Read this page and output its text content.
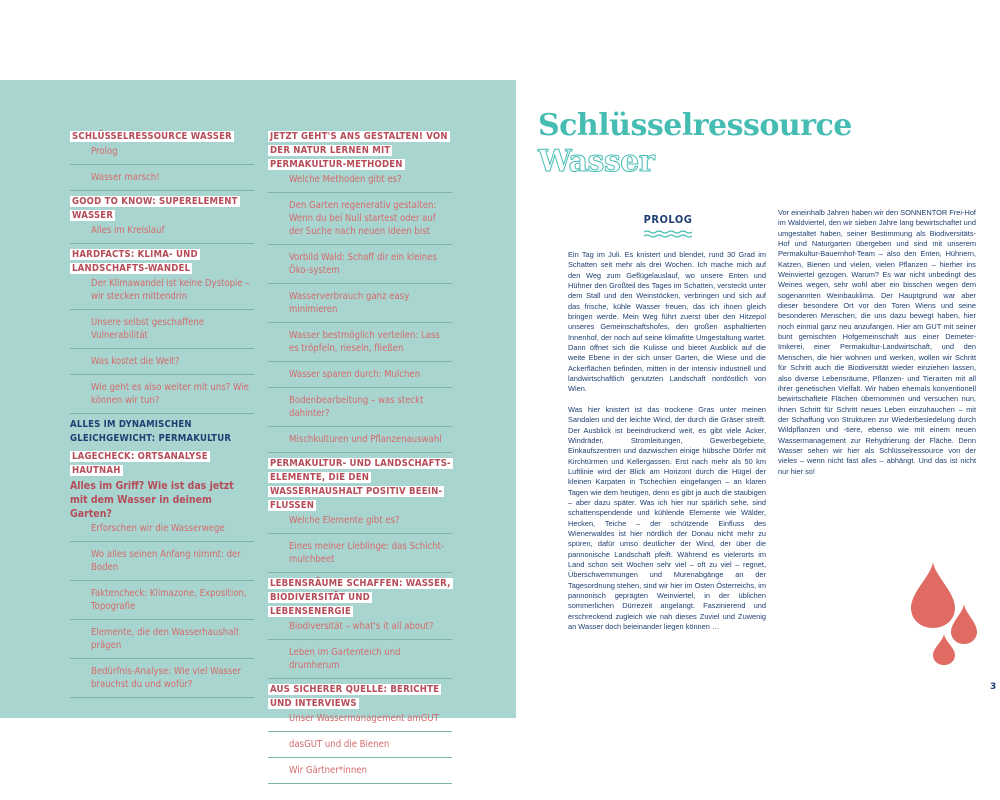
SCHLÜSSELRESSOURCE WASSER
Prolog
Wasser marsch!
GOOD TO KNOW: SUPERELEMENT WASSER
Alles im Kreislauf
HARDFACTS: KLIMA- UND LANDSCHAFTS-WANDEL
Der Klimawandel ist keine Dystopie – wir stecken mittendrin
Unsere selbst geschaffene Vulnerabilität
Was kostet die Welt?
Wie geht es also weiter mit uns? Wie können wir tun?
ALLES IM DYNAMISCHEN GLEICHGEWICHT: PERMAKULTUR
LAGECHECK: ORTSANALYSE HAUTNAH
Alles im Griff? Wie ist das jetzt mit dem Wasser in deinem Garten?
Erforschen wir die Wasserwege
Wo alles seinen Anfang nimmt: der Boden
Faktencheck: Klimazone, Exposition, Topografie
Elemente, die den Wasserhaushalt prägen
Bedürfnis-Analyse: Wie viel Wasser brauchst du und wofür?
JETZT GEHT'S ANS GESTALTEN! VON DER NATUR LERNEN MIT PERMAKULTUR-METHODEN
Welche Methoden gibt es?
Den Garten regenerativ gestalten: Wenn du bei Null startest oder auf der Suche nach neuen Ideen bist
Vorbild Wald: Schaff dir ein kleines Öko-system
Wasserverbrauch ganz easy minimieren
Wasser bestmöglich verteilen: Lass es tröpfeln, rieseln, fließen
Wasser sparen durch: Mulchen
Bodenbearbeitung – was steckt dahinter?
Mischkulturen und Pflanzenauswahl
PERMAKULTUR- UND LANDSCHAFTS-ELEMENTE, DIE DEN WASSERHAUSHALT POSITIV BEEIN-FLUSSEN
Welche Elemente gibt es?
Eines meiner Lieblinge: das Schicht-mulchbeet
LEBENSRÄUME SCHAFFEN: WASSER, BIODIVERSITÄT UND LEBENSENERGIE
Biodiversität – what's it all about?
Leben im Gartenteich und drumherum
AUS SICHERER QUELLE: BERICHTE UND INTERVIEWS
Unser Wassermanagement amGUT
dasGUT und die Bienen
Wir Gärtner*innen
Schlüsselressource
Wasser
PROLOG

Ein Tag im Juli. Es knistert und blendet, rund 30 Grad im Schatten seit mehr als drei Wochen. Ich mache mich auf den Weg zum Geflügelauslauf, wo unsere Enten und Hühner den Großteil des Tages im Schatten, versteckt unter dem Stall und den Weinstöcken, verbringen und sich auf das frische, kühle Wasser freuen, das ich ihnen gleich bringen werde. Mein Weg führt zuerst über den Hitzepol unseres Gemeinschaftshofes, den großen asphaltierten Innenhof, der noch auf seine klimafitte Umgestaltung wartet. Dann öffnet sich die Kulisse und bietet Ausblick auf die weite Ebene in der sich unser Garten, die Wiese und die Ackerflächen befinden, mitten in der intensiv industriell und landwirtschaftlich genutzten Landschaft nordöstlich von Wien.

Was hier knistert ist das trockene Gras unter meinen Sandalen und der leichte Wind, der durch die Gräser streift. Der Ausblick ist beeindruckend weit, es gibt viele Äcker, Windräder, Stromleitungen, Gewerbegebiete, Einkaufszentren und dazwischen einige hübsche Dörfer mit Kirchtürmen und Kellergassen. Erst nach mehr als 50 km Luftlinie wird der Blick am Horizont durch die Hügel der kleinen Karpaten in Tschechien eingefangen – an klaren Tagen wie dem heutigen, denn es gibt ja auch die staubigen – aber dazu später. Was ich hier nur spärlich sehe, sind schattenspendende und kühlende Elemente wie Wälder, Hecken, Teiche – der schützende Einfluss des Wienerwaldes ist hier nördlich der Donau nicht mehr zu spüren, dafür umso deutlicher der Wind, der über die pannonische Landschaft pfeift. Während es vielerorts im Land schon seit Wochen sehr viel – oft zu viel – regnet, Überschwemmungen und Murenabgänge an der Tagesordnung stehen, sind wir hier im Osten Österreichs, im pannonisch geprägten Weinviertel, in der üblichen sommerlichen Dürrezeit angelangt. Faszinierend und erschreckend zugleich wie nah dieses Zuviel und Zuwenig an Wasser doch beieinander liegen können …

Vor eineinhalb Jahren haben wir den SONNENTOR Frei-Hof im Waldviertel, den wir sieben Jahre lang bewirtschaftet und umgestaltet haben, seiner Bestimmung als Biodiversitäts-Hof und Naturgarten übergeben und sind mit unserem Permakultur-Bauernhof-Team – also den Enten, Hühnern, Katzen, Bienen und vielen, vielen Pflanzen – hierher ins Weinviertel gezogen. Warum? Es war nicht unbedingt des Weines wegen, sehr wohl aber ein bisschen wegen dem sogenannten Weinbauklima. Der Hauptgrund war aber dieser besondere Ort vor den Toren Wiens und seine besonderen Menschen, die uns dazu bewegt haben, hier noch einmal ganz neu anzufangen. Hier am GUT mit seiner bunt gemischten Hofgemeinschaft aus einer Demeter-Imkerei, einer Permakultur-Landwirtschaft, und den Menschen, die hier wohnen und werken, wollen wir Schritt für Schritt auch die Biodiversität wieder einziehen lassen, also diverse Lebensräume, Pflanzen- und Tierarten mit all ihrer genetischen Vielfalt. Wir haben ehemals konventionell bewirtschaftete Flächen übernommen und versuchen nun, ihnen Schritt für Schritt neues Leben einzuhauchen – mit der Schaffung von Strukturen zur Wiederbesiedelung durch Wildpflanzen und -tiere, ebenso wie mit einem neuen Wassermanagement zur Rehydrierung der Fläche. Denn Wasser sehen wir hier als Schlüsselressource von der vieles – wenn nicht fast alles – abhängt. Und das ist nicht nur hier so!

3
